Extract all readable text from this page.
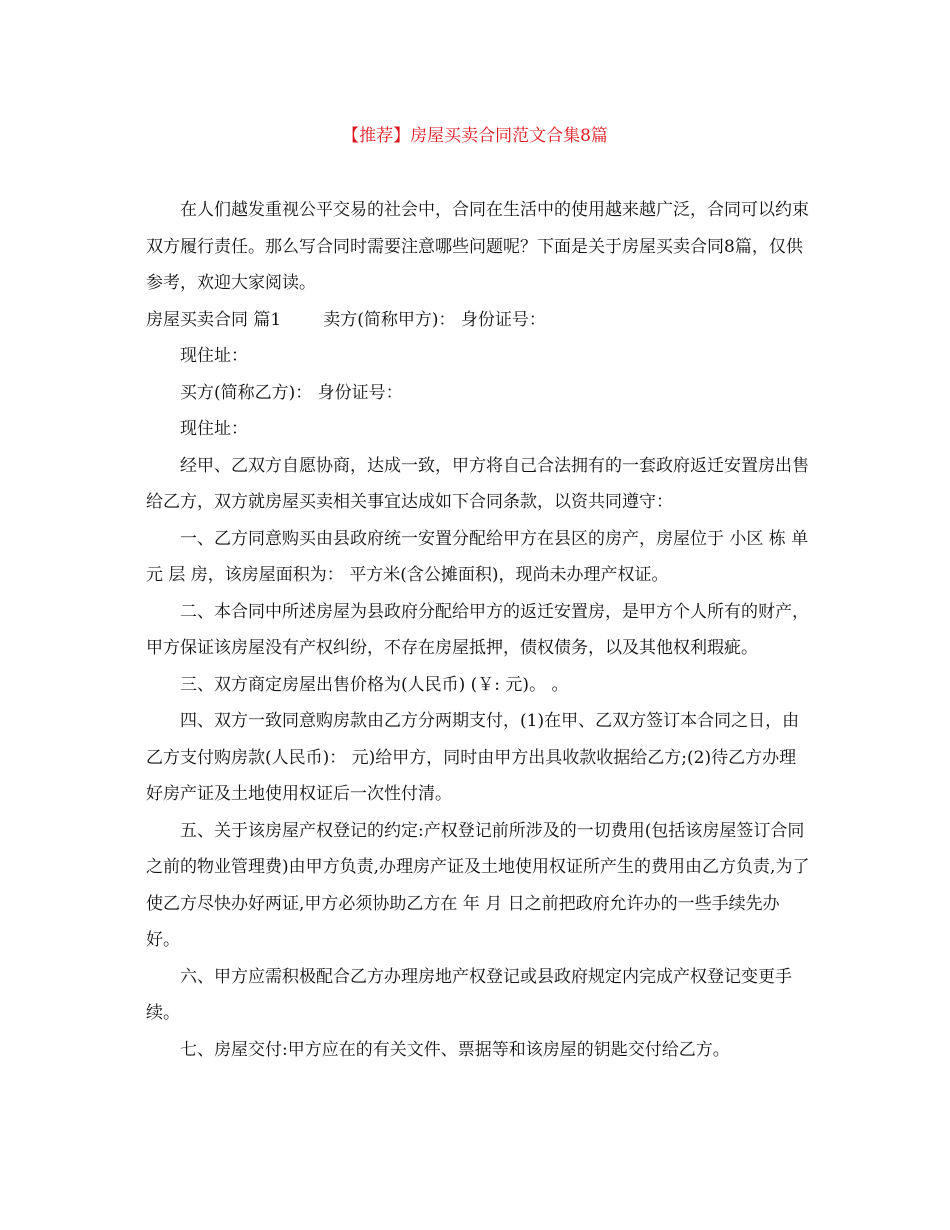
【推荐】房屋买卖合同范文合集8篇

在人们越发重视公平交易的社会中，合同在生活中的使用越来越广泛，合同可以约束双方履行责任。那么写合同时需要注意哪些问题呢？下面是关于房屋买卖合同8篇，仅供参考，欢迎大家阅读。

房屋买卖合同 篇1 卖方(简称甲方)： 身份证号：

现住址：

买方(简称乙方)： 身份证号：

现住址：

经甲、乙双方自愿协商，达成一致，甲方将自己合法拥有的一套政府返迁安置房出售给乙方，双方就房屋买卖相关事宜达成如下合同条款，以资共同遵守：

一、乙方同意购买由县政府统一安置分配给甲方在县区的房产，房屋位于 小区 栋 单元 层 房，该房屋面积为： 平方米(含公摊面积)，现尚未办理产权证。

二、本合同中所述房屋为县政府分配给甲方的返迁安置房，是甲方个人所有的财产，甲方保证该房屋没有产权纠纷，不存在房屋抵押，债权债务，以及其他权利瑕疵。

三、双方商定房屋出售价格为(人民币) (￥: 元)。 。

四、双方一致同意购房款由乙方分两期支付，(1)在甲、乙双方签订本合同之日，由乙方支付购房款(人民币)： 元)给甲方，同时由甲方出具收款收据给乙方;(2)待乙方办理好房产证及土地使用权证后一次性付清。

五、关于该房屋产权登记的约定:产权登记前所涉及的一切费用(包括该房屋签订合同之前的物业管理费)由甲方负责,办理房产证及土地使用权证所产生的费用由乙方负责,为了使乙方尽快办好两证,甲方必须协助乙方在 年 月 日之前把政府允许办的一些手续先办好。

六、甲方应需积极配合乙方办理房地产权登记或县政府规定内完成产权登记变更手续。

七、房屋交付:甲方应在的有关文件、票据等和该房屋的钥匙交付给乙方。
